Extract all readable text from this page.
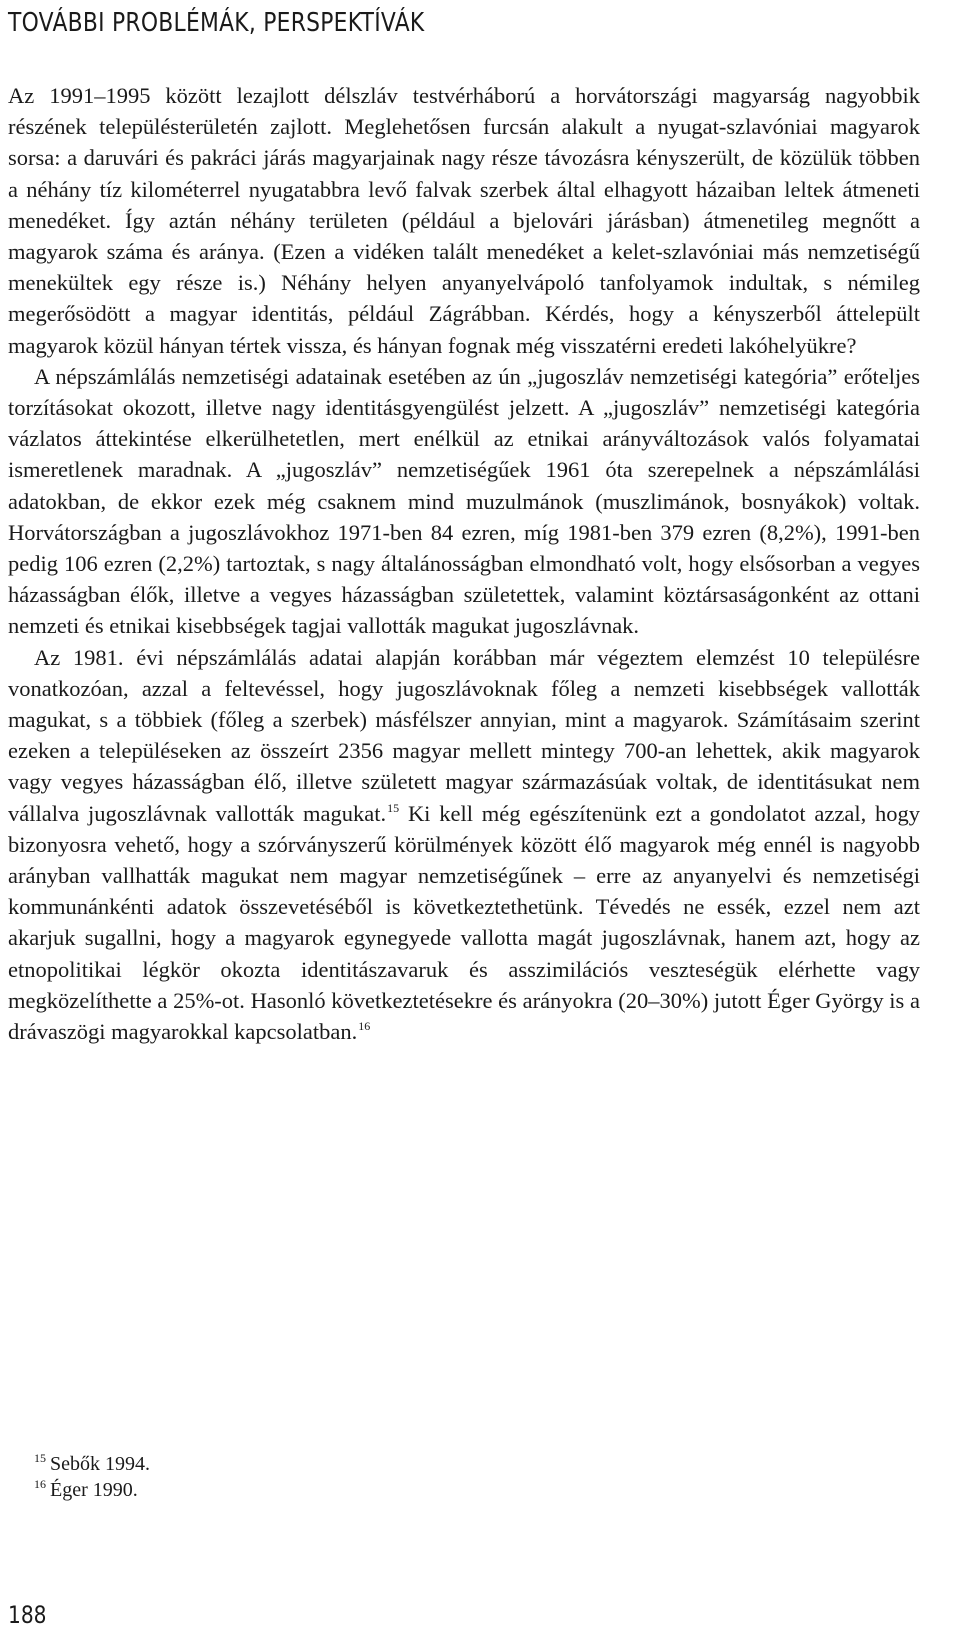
TOVÁBBI PROBLÉMÁK, PERSPEKTÍVÁK

Az 1991–1995 között lezajlott délszláv testvérháború a horvátországi magyarság nagyobbik részének településterületén zajlott. Meglehetősen furcsán alakult a nyugat-szlavóniai magyarok sorsa: a daruvári és pakráci járás magyarjainak nagy része távozásra kényszerült, de közülük többen a néhány tíz kilométerrel nyugatabbra levő falvak szerbek által elhagyott házaiban leltek átmeneti menedéket. Így aztán néhány területen (például a bjelovári járásban) átmenetileg megnőtt a magyarok száma és aránya. (Ezen a vidéken talált menedéket a kelet-szlavóniai más nemzetiségű menekültek egy része is.) Néhány helyen anyanyelvápoló tanfolyamok indultak, s némileg megerősödött a magyar identitás, például Zágrábban. Kérdés, hogy a kényszerből áttelepült magyarok közül hányan tértek vissza, és hányan fognak még visszatérni eredeti lakóhelyükre?

A népszámlálás nemzetiségi adatainak esetében az ún „jugoszláv nemzetiségi kategória” erőteljes torzításokat okozott, illetve nagy identitásgyengülést jelzett. A „jugoszláv” nemzetiségi kategória vázlatos áttekintése elkerülhetetlen, mert enélkül az etnikai arányváltozások valós folyamatai ismeretlenek maradnak. A „jugoszláv” nemzetiségűek 1961 óta szerepelnek a népszámlálási adatokban, de ekkor ezek még csaknem mind muzulmánok (muszlimánok, bosnyákok) voltak. Horvátországban a jugoszlávokhoz 1971-ben 84 ezren, míg 1981-ben 379 ezren (8,2%), 1991-ben pedig 106 ezren (2,2%) tartoztak, s nagy általánosságban elmondható volt, hogy elsősorban a vegyes házasságban élők, illetve a vegyes házasságban születettek, valamint köztársaságonként az ottani nemzeti és etnikai kisebbségek tagjai vallották magukat jugoszlávnak.

Az 1981. évi népszámlálás adatai alapján korábban már végeztem elemzést 10 településre vonatkozóan, azzal a feltevéssel, hogy jugoszlávoknak főleg a nemzeti kisebbségek vallották magukat, s a többiek (főleg a szerbek) másfélszer annyian, mint a magyarok. Számításaim szerint ezeken a településeken az összeírt 2356 magyar mellett mintegy 700-an lehettek, akik magyarok vagy vegyes házasságban élő, illetve született magyar származásúak voltak, de identitásukat nem vállalva jugoszlávnak vallották magukat.$^{15}$ Ki kell még egészítenünk ezt a gondolatot azzal, hogy bizonyosra vehető, hogy a szórványszerű körülmények között élő magyarok még ennél is nagyobb arányban vallhatták magukat nem magyar nemzetiségűnek – erre az anyanyelvi és nemzetiségi kommunánkénti adatok összevetéséből is következtethetünk. Tévedés ne essék, ezzel nem azt akarjuk sugallni, hogy a magyarok egynegyede vallotta magát jugoszlávnak, hanem azt, hogy az etnopolitikai légkör okozta identitászavaruk és asszimilációs veszteségük elérhette vagy megközelíthette a 25%-ot. Hasonló következtetésekre és arányokra (20–30%) jutott Éger György is a drávaszögi magyarokkal kapcsolatban.$^{16}$

$^{15}$ Sebők 1994.
$^{16}$ Éger 1990.
188
